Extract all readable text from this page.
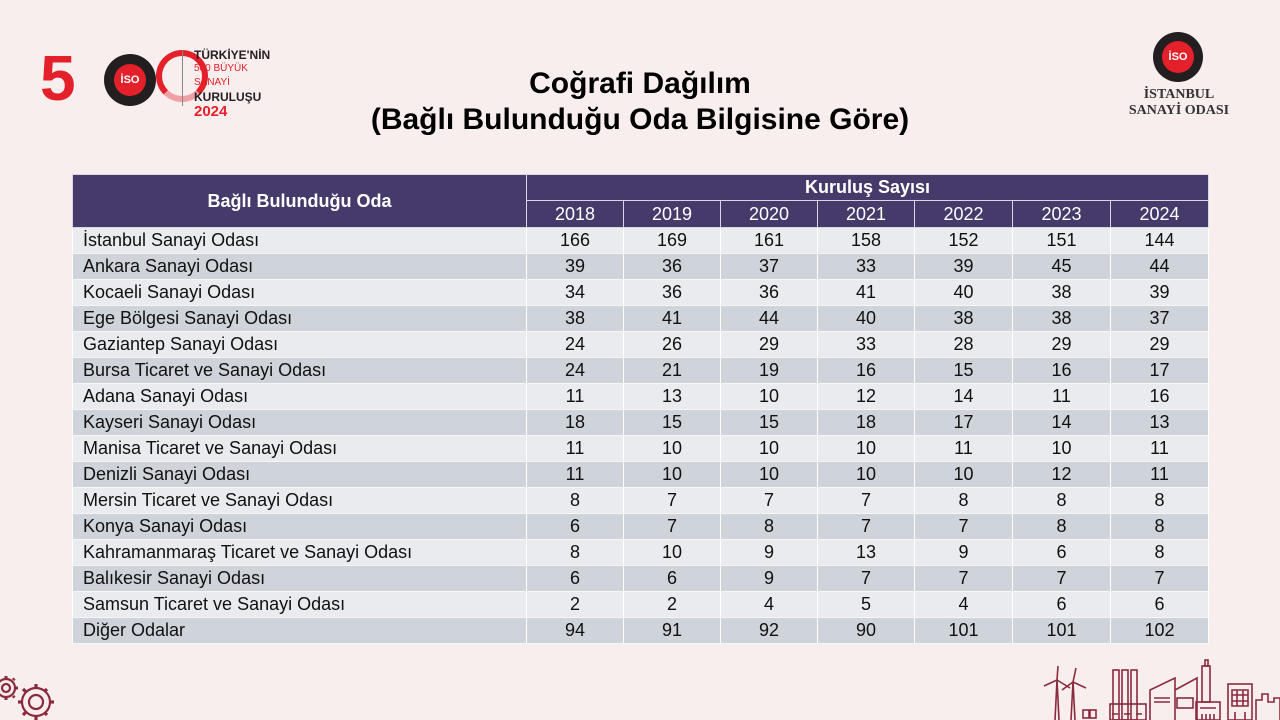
5	İSO
TÜRKİYE'NİN
500 BÜYÜK SANAYİ
KURULUŞU
2024
İSO
İSTANBUL
SANAYİ ODASI
Coğrafi Dağılım
(Bağlı Bulunduğu Oda Bilgisine Göre)
Bağlı Bulunduğu Oda	Kuruluş Sayısı						
	2018	2019	2020	2021	2022	2023	2024
İstanbul Sanayi Odası	166	169	161	158	152	151	144
Ankara Sanayi Odası	39	36	37	33	39	45	44
Kocaeli Sanayi Odası	34	36	36	41	40	38	39
Ege Bölgesi Sanayi Odası	38	41	44	40	38	38	37
Gaziantep Sanayi Odası	24	26	29	33	28	29	29
Bursa Ticaret ve Sanayi Odası	24	21	19	16	15	16	17
Adana Sanayi Odası	11	13	10	12	14	11	16
Kayseri Sanayi Odası	18	15	15	18	17	14	13
Manisa Ticaret ve Sanayi Odası	11	10	10	10	11	10	11
Denizli Sanayi Odası	11	10	10	10	10	12	11
Mersin Ticaret ve Sanayi Odası	8	7	7	7	8	8	8
Konya Sanayi Odası	6	7	8	7	7	8	8
Kahramanmaraş Ticaret ve Sanayi Odası	8	10	9	13	9	6	8
Balıkesir Sanayi Odası	6	6	9	7	7	7	7
Samsun Ticaret ve Sanayi Odası	2	2	4	5	4	6	6
Diğer Odalar	94	91	92	90	101	101	102
